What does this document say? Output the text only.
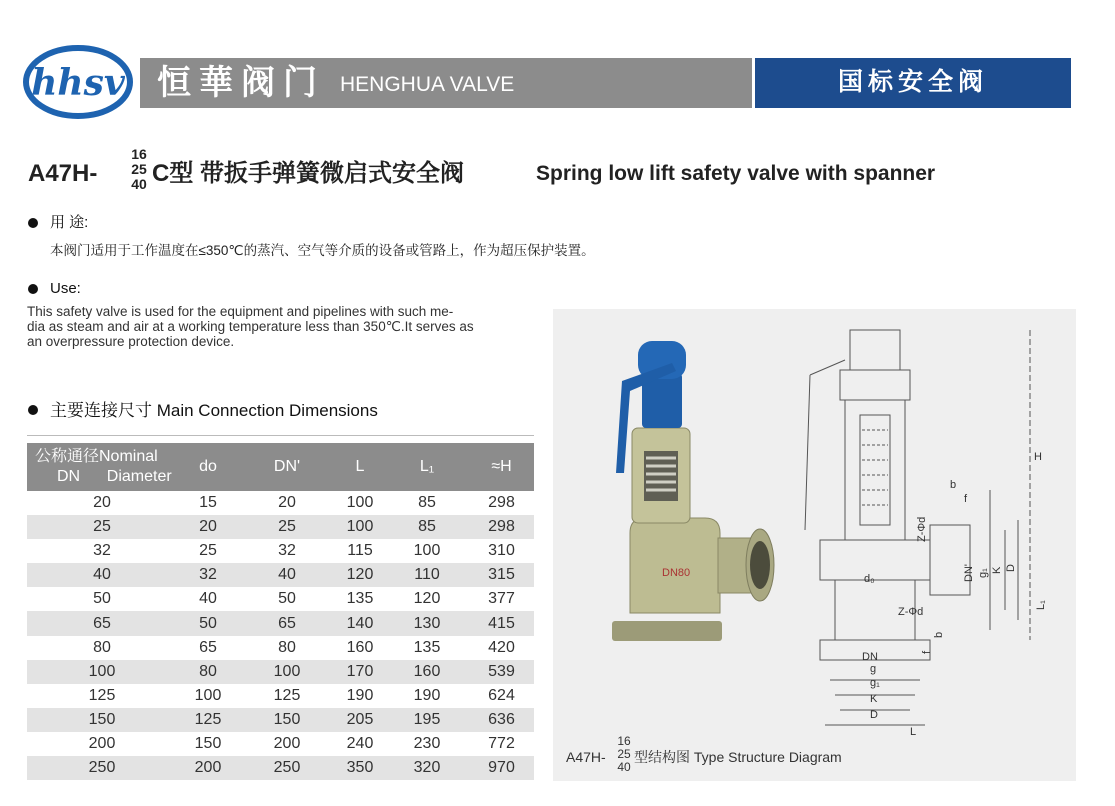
hhsv 恒華阀门 HENGHUA VALVE	国标安全阀
A47H-
16
25
40 C型 带扳手弹簧微启式安全阀	Spring low lift safety valve with spanner
用 途:
本阀门适用于工作温度在≤350℃的蒸汽、空气等介质的设备或管路上，作为超压保护装置。
Use:
This safety valve is used for the equipment and pipelines with such me-
dia as steam and air at a working temperature less than 350℃.It serves as
an overpressure protection device.
主要连接尺寸 Main Connection Dimensions
公称通径Nominal
DN      Diameter	do	DN'	L	L₁	≈H
20	15	20	100	85	298
25	20	25	100	85	298
32	25	32	115	100	310
40	32	40	120	110	315
50	40	50	135	120	377
65	50	65	140	130	415
80	65	80	160	135	420
100	80	100	170	160	539
125	100	125	190	190	624
150	125	150	205	195	636
200	150	200	240	230	772
250	200	250	350	320	970
DN80
H
b
f
Z-Φd
DN' g₁ K D
L₁
d₀
Z-Φd
b
f
DN
g
g₁
K
D
L
A47H-
16
25
40
型结构图 Type Structure Diagram
